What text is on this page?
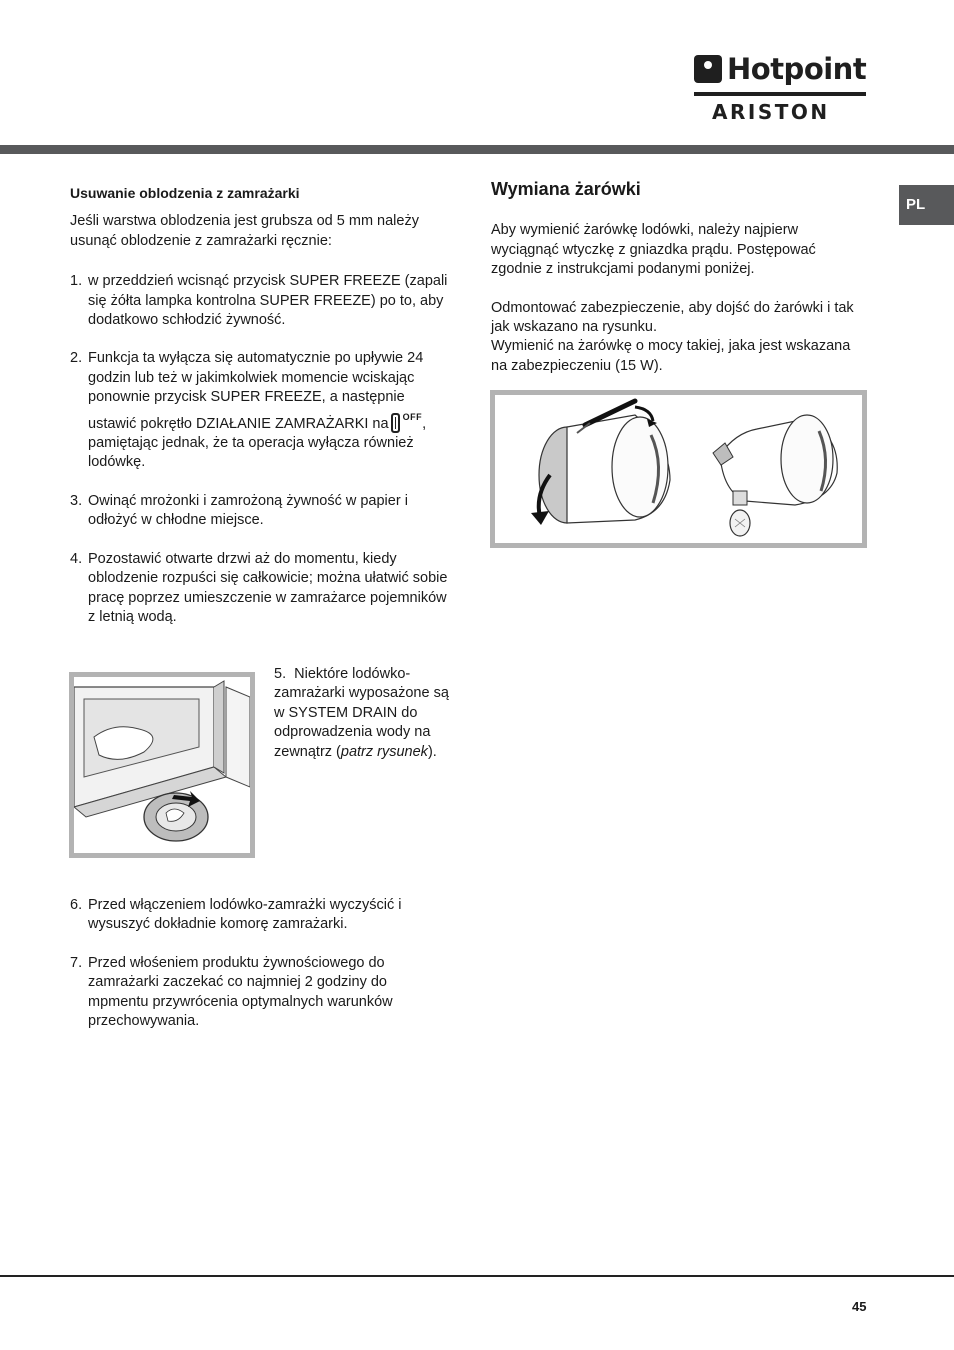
Hotpoint
ARISTON
PL
Usuwanie oblodzenia z zamrażarki

Jeśli warstwa oblodzenia jest grubsza od 5 mm należy usunąć oblodzenie z zamrażarki ręcznie:

1. w przeddzień wcisnąć przycisk SUPER FREEZE (zapali się żółta lampka kontrolna SUPER FREEZE) po to, aby dodatkowo schłodzić żywność.
2. Funkcja ta wyłącza się automatycznie po upływie 24 godzin lub też w jakimkolwiek momencie wciskając ponownie przycisk SUPER FREEZE, a następnie ustawić pokrętło DZIAŁANIE ZAMRAŻARKI na $^{OFF}$, pamiętając jednak, że ta operacja wyłącza również lodówkę.
3. Owinąć mrożonki i zamrożoną żywność w papier i odłożyć w chłodne miejsce.
4. Pozostawić otwarte drzwi aż do momentu, kiedy oblodzenie rozpuści się całkowicie; można ułatwić sobie pracę poprzez umieszczenie w zamrażarce pojemników z letnią wodą.
5. Niektóre lodówko-zamrażarki wyposażone są w SYSTEM DRAIN do odprowadzenia wody na zewnątrz (patrz rysunek).
6. Przed włączeniem lodówko-zamrażki wyczyścić i wysuszyć dokładnie komorę zamrażarki.
7. Przed włośeniem produktu żywnościowego do zamrażarki zaczekać co najmniej 2 godziny do mpmentu przywrócenia optymalnych warunków przechowywania.
Wymiana żarówki

Aby wymienić żarówkę lodówki, należy najpierw wyciągnąć wtyczkę z gniazdka prądu. Postępować zgodnie z instrukcjami podanymi poniżej.

Odmontować zabezpieczenie, aby dojść do żarówki i tak jak wskazano na rysunku.
Wymienić na żarówkę o mocy takiej, jaka jest wskazana na zabezpieczeniu (15 W).
45
